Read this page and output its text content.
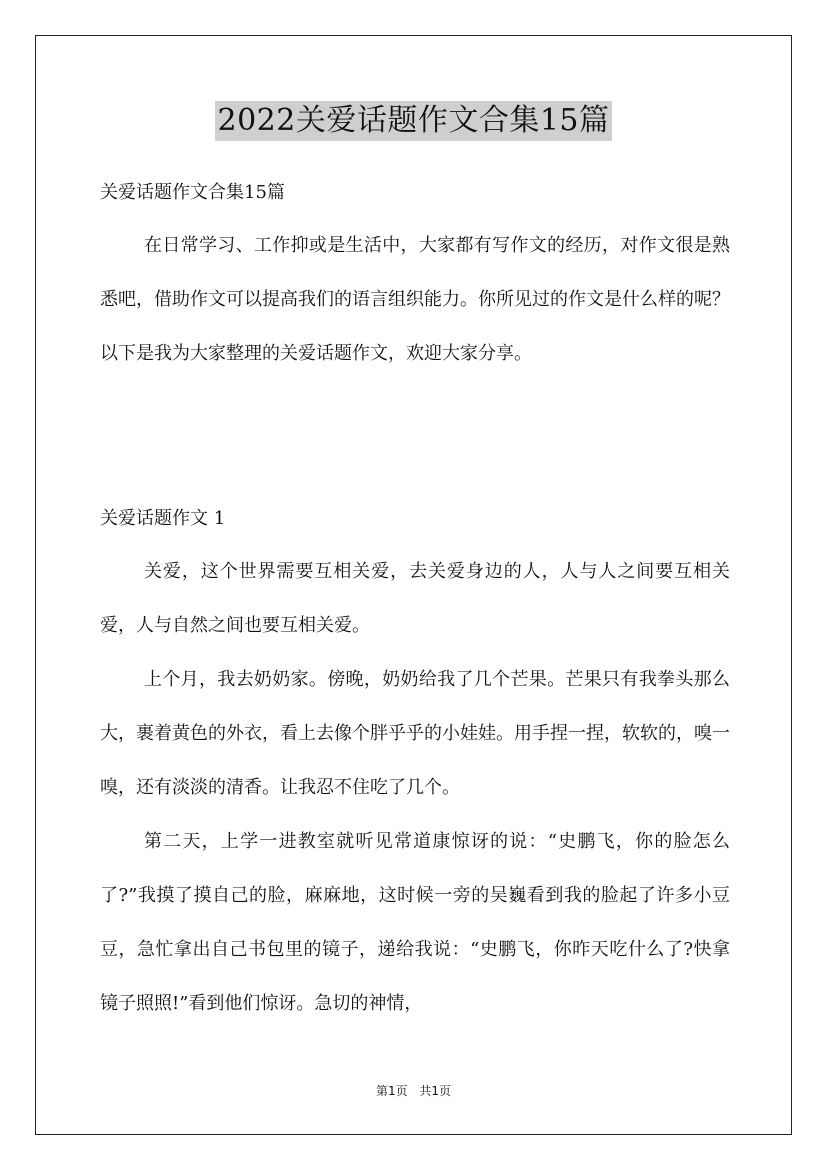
2022关爱话题作文合集15篇
关爱话题作文合集15篇

在日常学习、工作抑或是生活中，大家都有写作文的经历，对作文很是熟悉吧，借助作文可以提高我们的语言组织能力。你所见过的作文是什么样的呢？以下是我为大家整理的关爱话题作文，欢迎大家分享。

关爱话题作文 1

关爱，这个世界需要互相关爱，去关爱身边的人，人与人之间要互相关爱，人与自然之间也要互相关爱。

上个月，我去奶奶家。傍晚，奶奶给我了几个芒果。芒果只有我拳头那么大，裹着黄色的外衣，看上去像个胖乎乎的小娃娃。用手捏一捏，软软的，嗅一嗅，还有淡淡的清香。让我忍不住吃了几个。

第二天，上学一进教室就听见常道康惊讶的说：“史鹏飞，你的脸怎么了?”我摸了摸自己的脸，麻麻地，这时候一旁的吴巍看到我的脸起了许多小豆豆，急忙拿出自己书包里的镜子，递给我说：“史鹏飞，你昨天吃什么了?快拿镜子照照!”看到他们惊讶。急切的神情，

第1页 共1页
